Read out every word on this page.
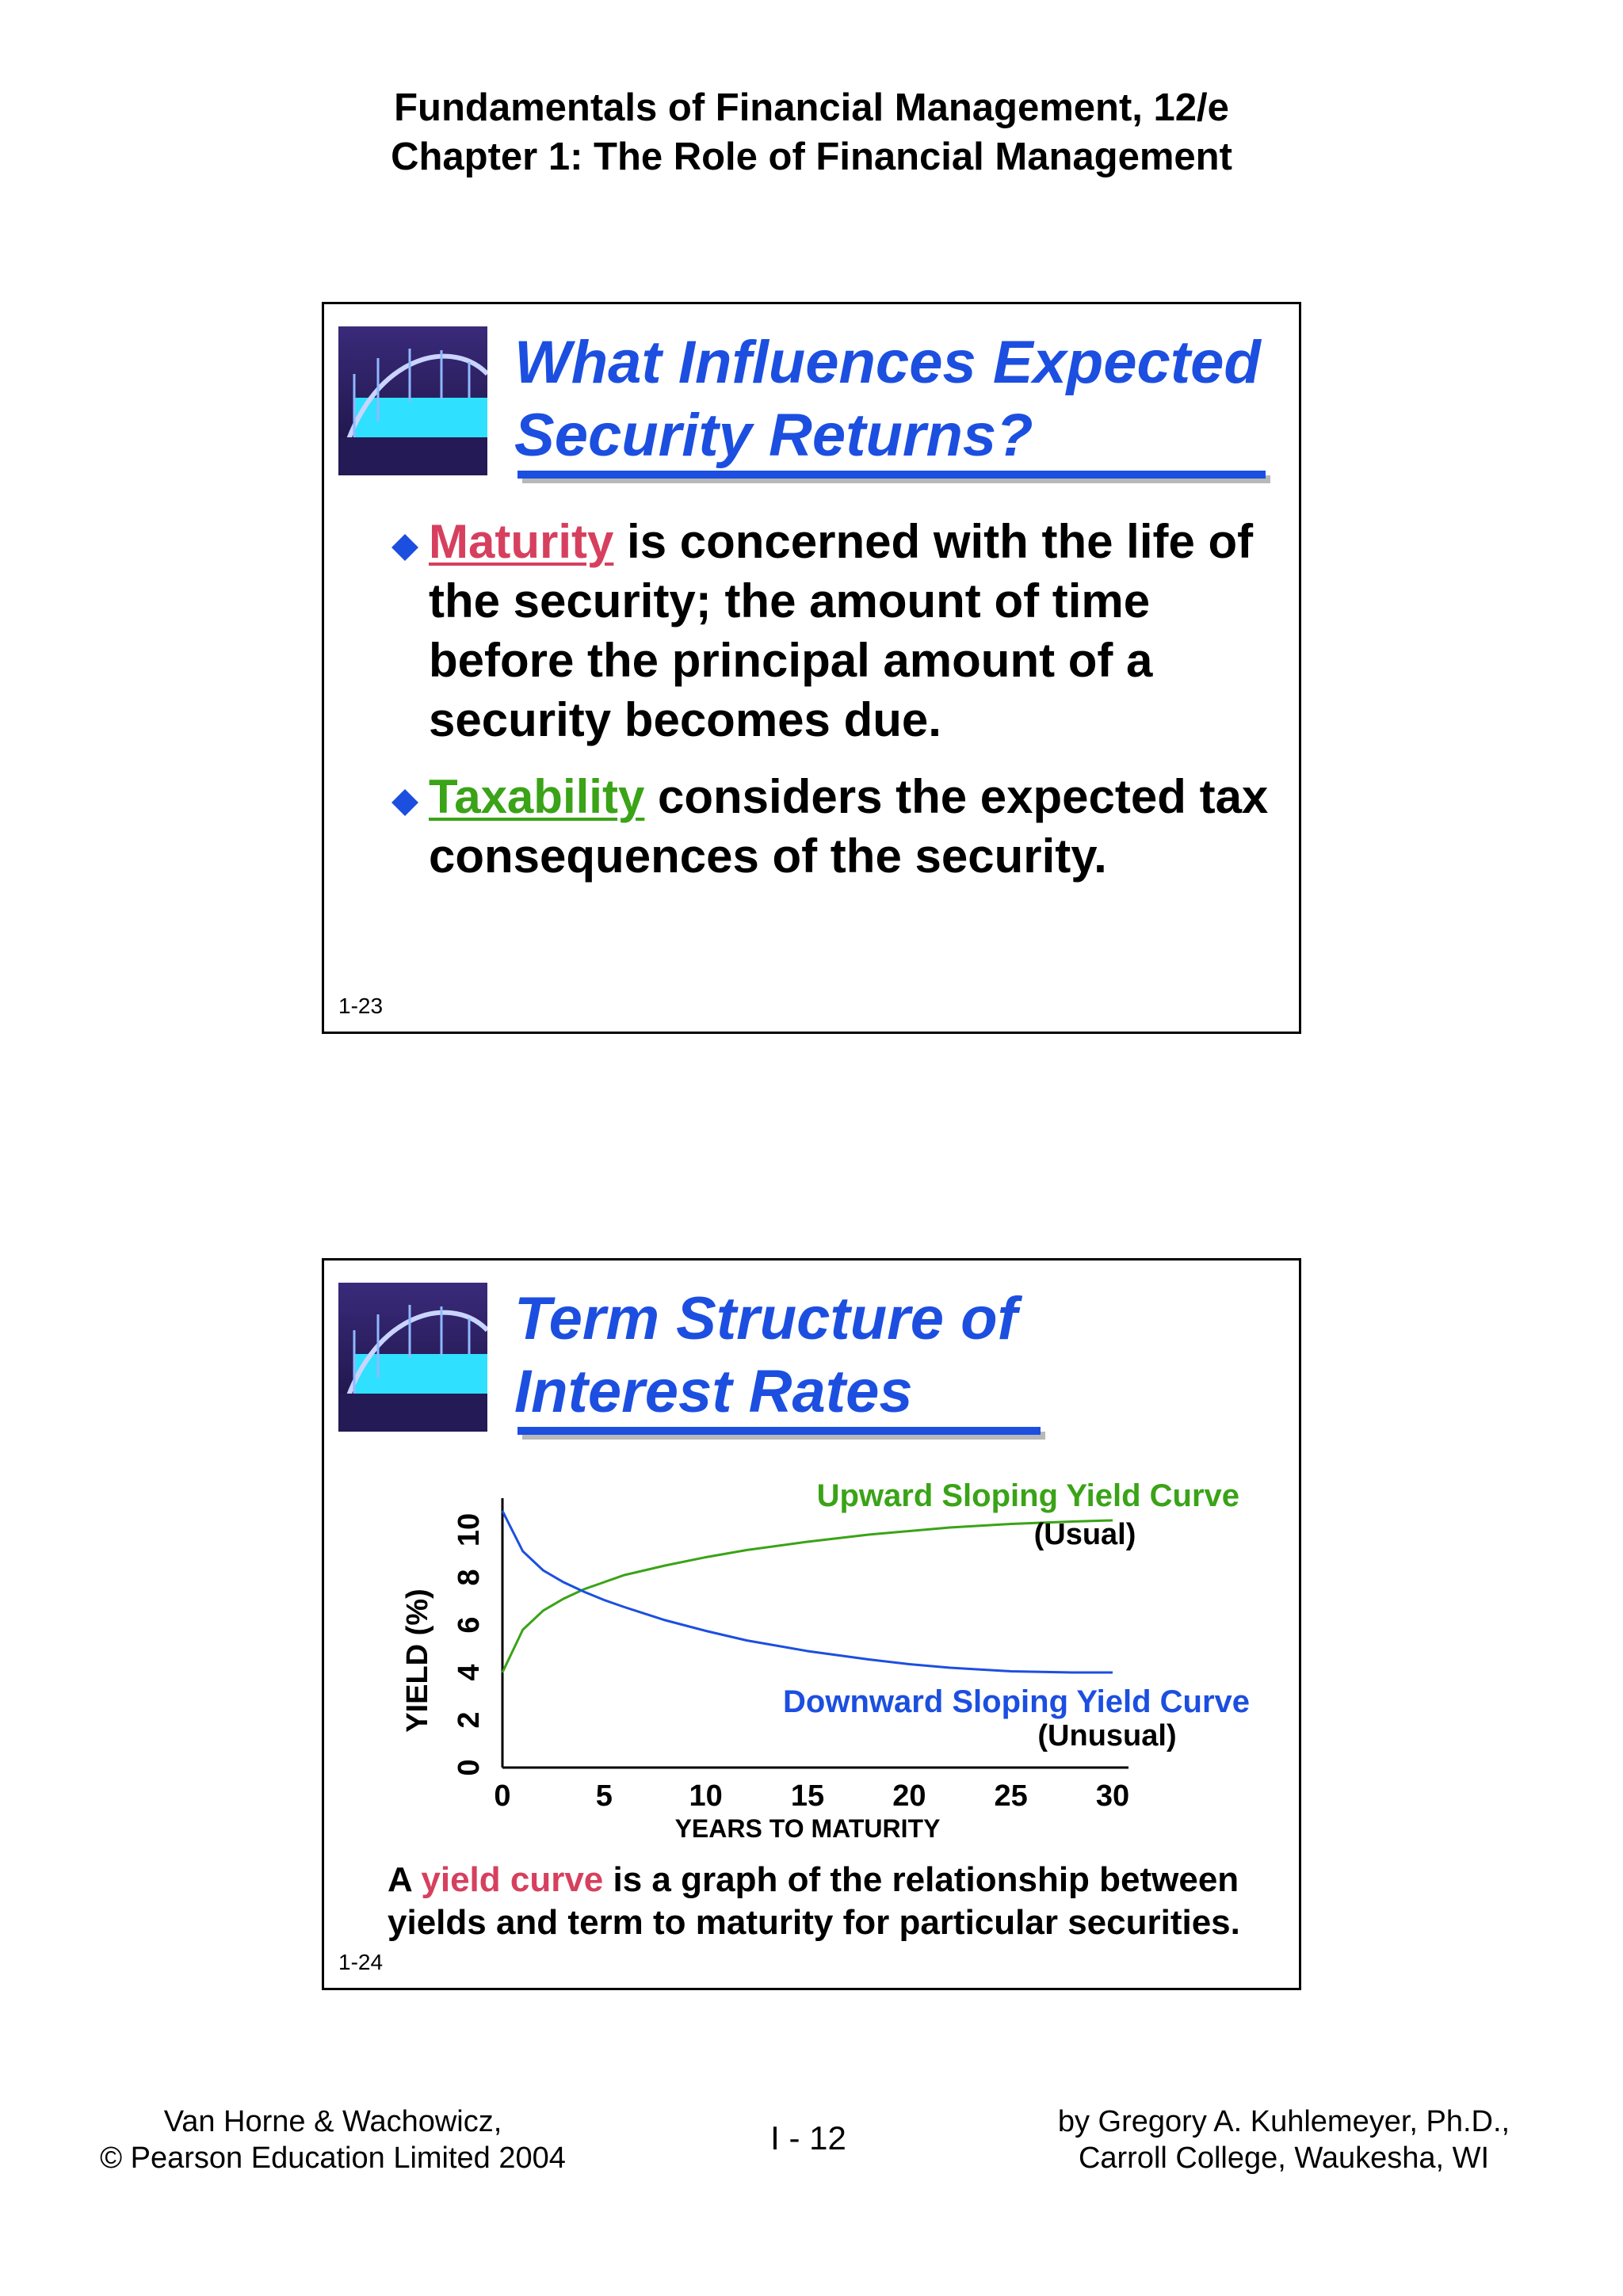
Fundamentals of Financial Management, 12/e
Chapter 1: The Role of Financial Management
What Influences Expected
Security Returns?
Maturity is concerned with the life of the security; the amount of time before the principal amount of a security becomes due.
Taxability considers the expected tax consequences of the security.
1-23
Term Structure of
Interest Rates
0	5	10 15 20 25 30
0
2
4
6
8
10
YEARS TO MATURITY
YIELD (%)
Upward Sloping Yield Curve
(Usual)
Downward Sloping Yield Curve
(Unusual)
A yield curve is a graph of the relationship between yields and term to maturity for particular securities.
1-24
Van Horne & Wachowicz,
© Pearson Education Limited 2004
I - 12	by Gregory A. Kuhlemeyer, Ph.D.,
Carroll College, Waukesha, WI
